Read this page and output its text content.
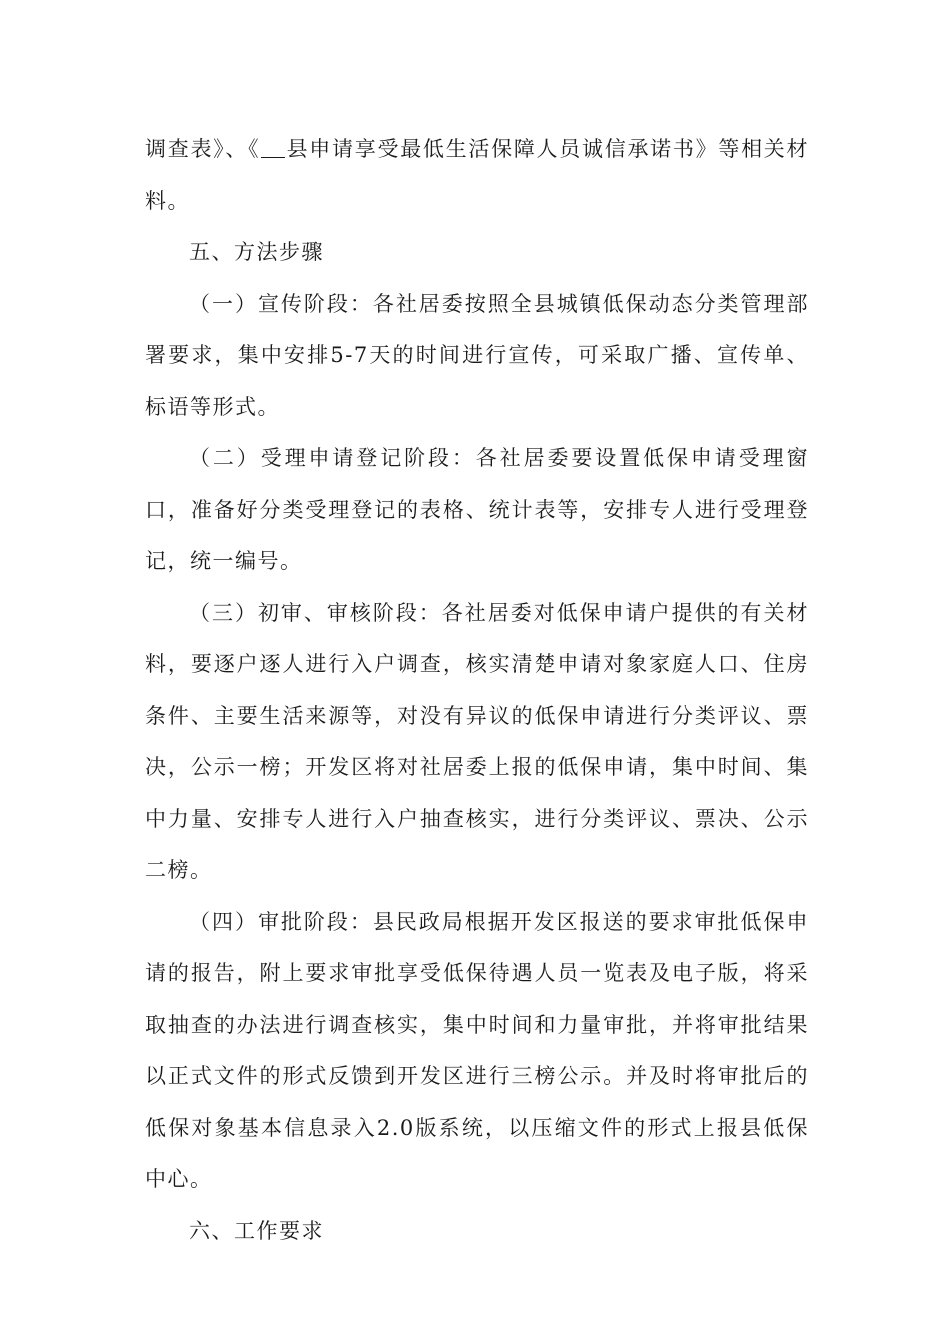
调查表》、《 县申请享受最低生活保障人员诚信承诺书》等相关材料。

五、方法步骤

（一）宣传阶段：各社居委按照全县城镇低保动态分类管理部署要求，集中安排5-7天的时间进行宣传，可采取广播、宣传单、标语等形式。

（二）受理申请登记阶段：各社居委要设置低保申请受理窗口，准备好分类受理登记的表格、统计表等，安排专人进行受理登记，统一编号。

（三）初审、审核阶段：各社居委对低保申请户提供的有关材料，要逐户逐人进行入户调查，核实清楚申请对象家庭人口、住房条件、主要生活来源等，对没有异议的低保申请进行分类评议、票决，公示一榜；开发区将对社居委上报的低保申请，集中时间、集中力量、安排专人进行入户抽查核实，进行分类评议、票决、公示二榜。

（四）审批阶段：县民政局根据开发区报送的要求审批低保申请的报告，附上要求审批享受低保待遇人员一览表及电子版，将采取抽查的办法进行调查核实，集中时间和力量审批，并将审批结果以正式文件的形式反馈到开发区进行三榜公示。并及时将审批后的低保对象基本信息录入2.0版系统，以压缩文件的形式上报县低保中心。

六、工作要求
